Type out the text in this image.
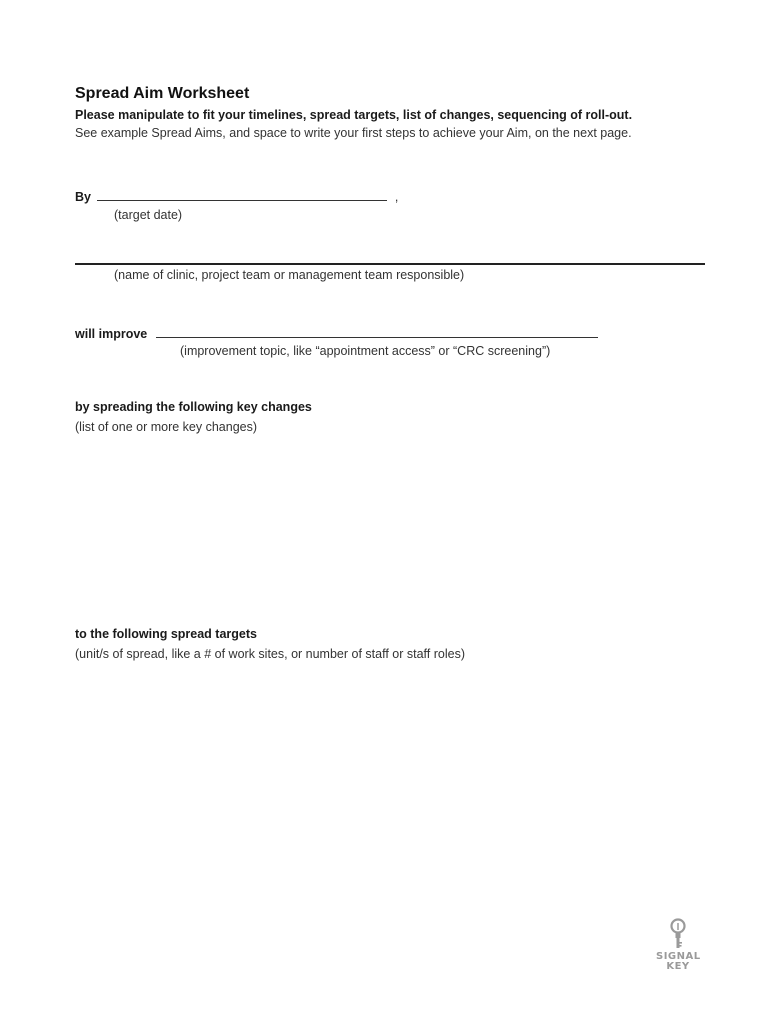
Spread Aim Worksheet
Please manipulate to fit your timelines, spread targets, list of changes, sequencing of roll-out.
See example Spread Aims, and space to write your first steps to achieve your Aim, on the next page.
By	,
(target date)
(name of clinic, project team or management team responsible)
will improve
(improvement topic, like “appointment access” or “CRC screening”)
by spreading the following key changes
(list of one or more key changes)
to the following spread targets
(unit/s of spread, like a # of work sites, or number of staff or staff roles)
SIGNAL
KEY
